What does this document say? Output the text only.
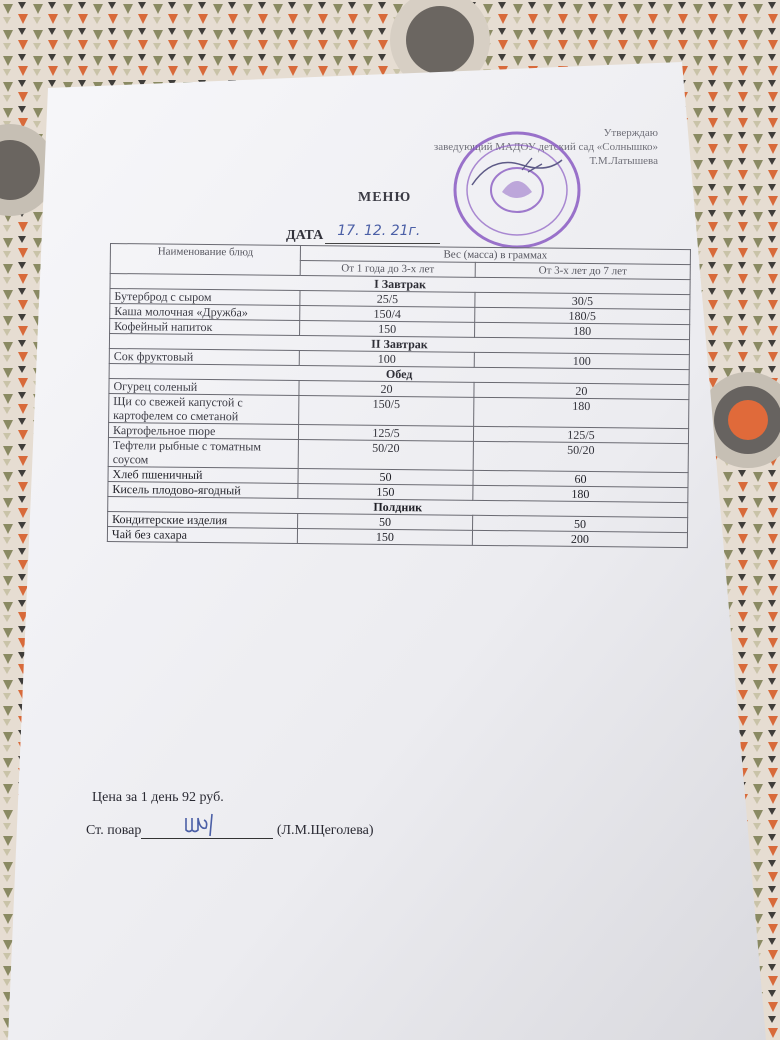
Утверждаю
заведующий МАДОУ детский сад «Солнышко»
Т.М.Латышева
МЕНЮ
ДАТА 17. 12. 21г.
Наименование блюд	Вес (масса) в граммах	
	От 1 года до 3-х лет	От 3-х лет до 7 лет
I Завтрак		
Бутерброд с сыром	25/5	30/5
Каша молочная «Дружба»	150/4	180/5
Кофейный напиток	150	180
II Завтрак		
Сок фруктовый	100	100
Обед		
Огурец соленый	20	20
Щи со свежей капустой с картофелем со сметаной	150/5	180
Картофельное пюре	125/5	125/5
Тефтели рыбные с томатным соусом	50/20	50/20
Хлеб пшеничный	50	60
Кисель плодово-ягодный	150	180
Полдник		
Кондитерские изделия	50	50
Чай без сахара	150	200
Цена за 1 день 92 руб.
Ст. повар	(Л.М.Щеголева)
